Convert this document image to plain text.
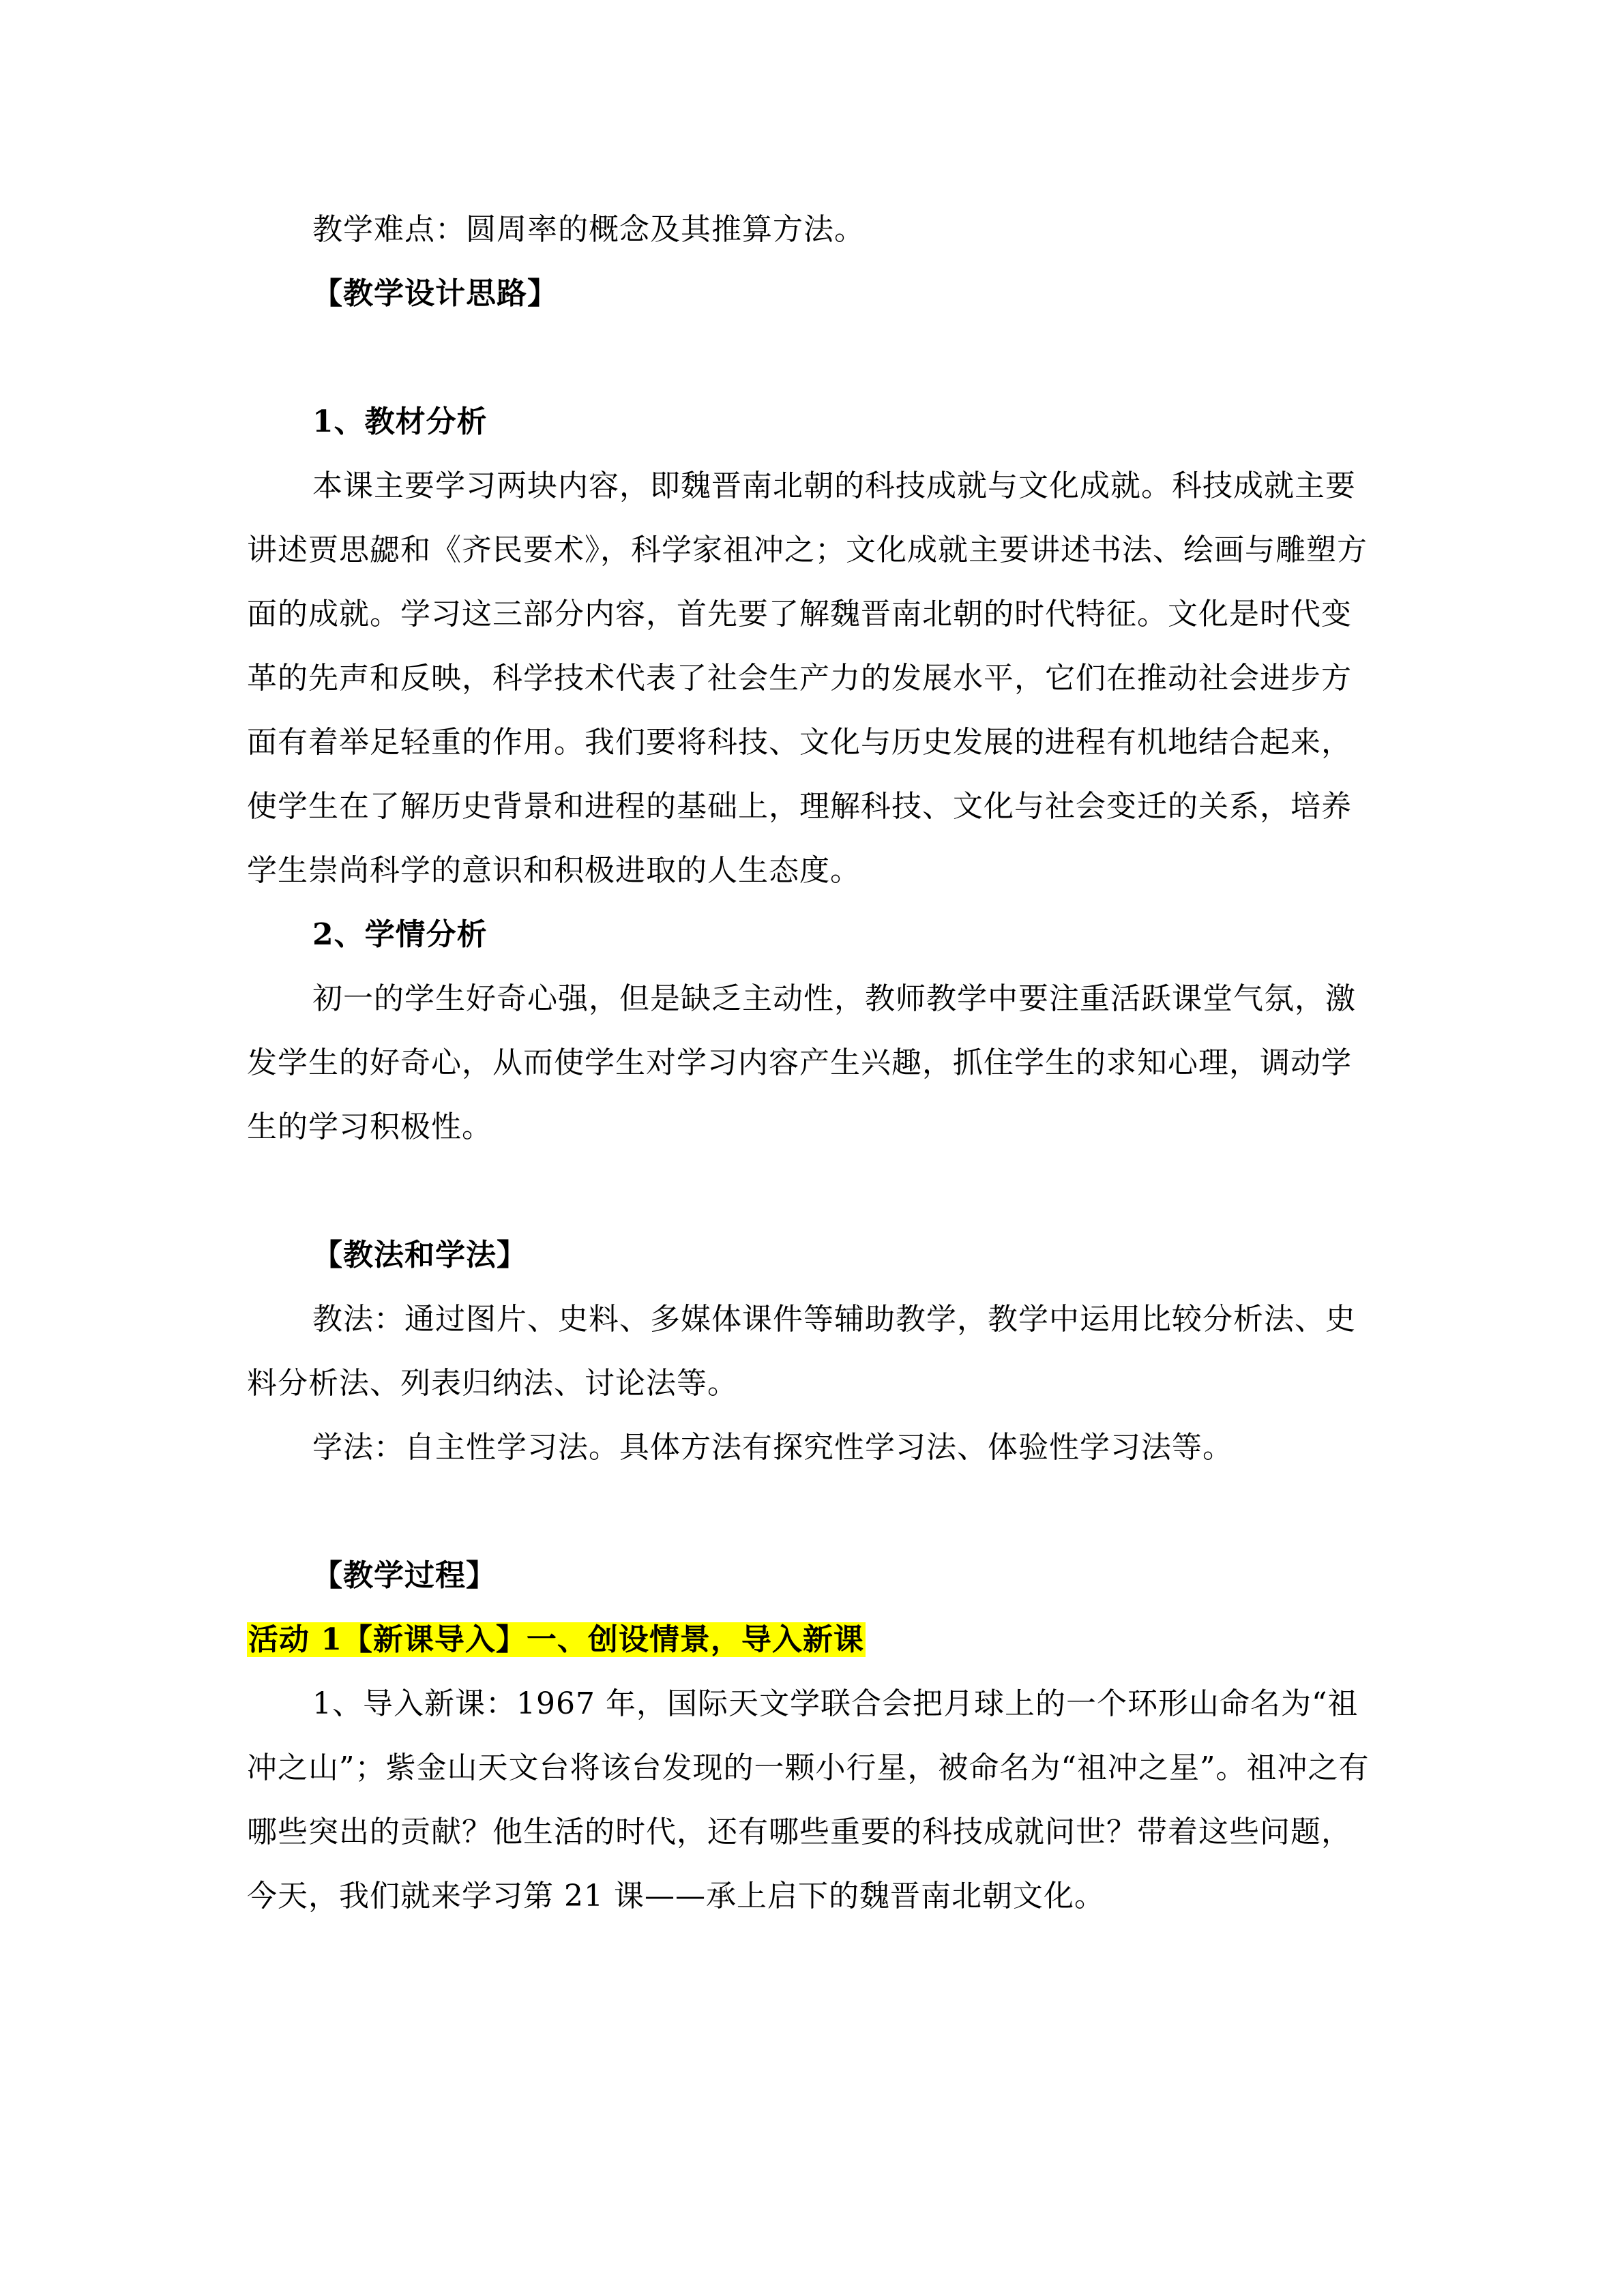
教学难点：圆周率的概念及其推算方法。

【教学设计思路】

1、教材分析

本课主要学习两块内容，即魏晋南北朝的科技成就与文化成就。科技成就主要讲述贾思勰和《齐民要术》，科学家祖冲之；文化成就主要讲述书法、绘画与雕塑方面的成就。学习这三部分内容，首先要了解魏晋南北朝的时代特征。文化是时代变革的先声和反映，科学技术代表了社会生产力的发展水平，它们在推动社会进步方面有着举足轻重的作用。我们要将科技、文化与历史发展的进程有机地结合起来，使学生在了解历史背景和进程的基础上，理解科技、文化与社会变迁的关系，培养学生崇尚科学的意识和积极进取的人生态度。

2、学情分析

初一的学生好奇心强，但是缺乏主动性，教师教学中要注重活跃课堂气氛，激发学生的好奇心，从而使学生对学习内容产生兴趣，抓住学生的求知心理，调动学生的学习积极性。

【教法和学法】

教法：通过图片、史料、多媒体课件等辅助教学，教学中运用比较分析法、史料分析法、列表归纳法、讨论法等。

学法：自主性学习法。具体方法有探究性学习法、体验性学习法等。

【教学过程】

活动 1【新课导入】一、创设情景，导入新课

1、导入新课：1967 年，国际天文学联合会把月球上的一个环形山命名为“祖冲之山”；紫金山天文台将该台发现的一颗小行星，被命名为“祖冲之星”。祖冲之有哪些突出的贡献？他生活的时代，还有哪些重要的科技成就问世？带着这些问题，今天，我们就来学习第 21 课——承上启下的魏晋南北朝文化。
